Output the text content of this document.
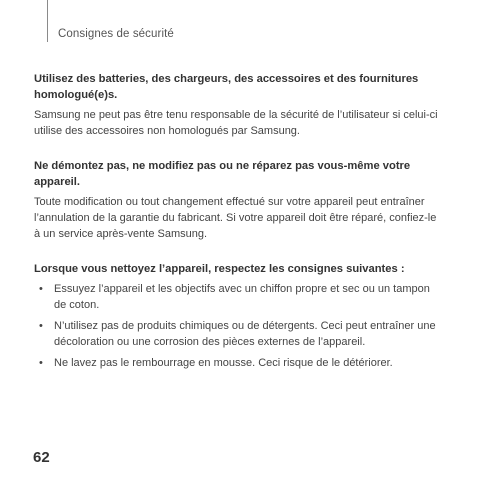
Consignes de sécurité

Utilisez des batteries, des chargeurs, des accessoires et des fournitures homologué(e)s.

Samsung ne peut pas être tenu responsable de la sécurité de l’utilisateur si celui-ci utilise des accessoires non homologués par Samsung.

Ne démontez pas, ne modifiez pas ou ne réparez pas vous-même votre appareil.

Toute modification ou tout changement effectué sur votre appareil peut entraîner l’annulation de la garantie du fabricant. Si votre appareil doit être réparé, confiez-le à un service après-vente Samsung.

Lorsque vous nettoyez l’appareil, respectez les consignes suivantes :

• Essuyez l’appareil et les objectifs avec un chiffon propre et sec ou un tampon de coton.
• N’utilisez pas de produits chimiques ou de détergents. Ceci peut entraîner une décoloration ou une corrosion des pièces externes de l’appareil.
• Ne lavez pas le rembourrage en mousse. Ceci risque de le détériorer.
62
